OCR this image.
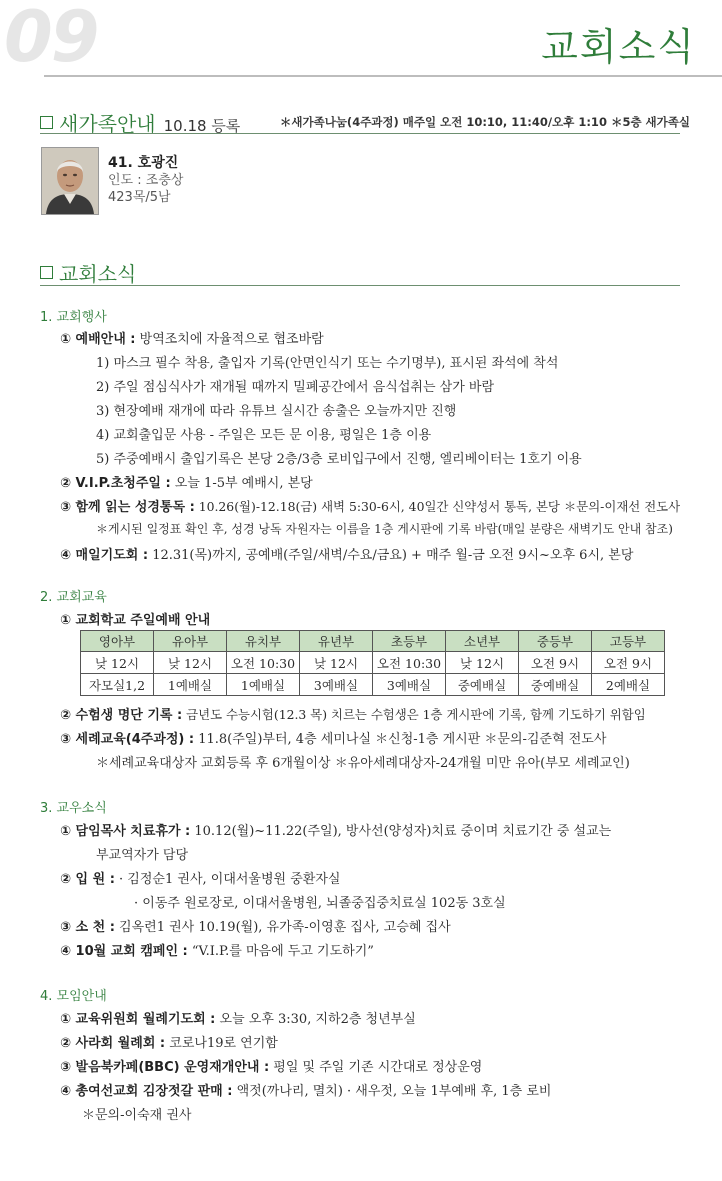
09	교회소식
새가족안내 10.18 등록	＊새가족나눔(4주과정) 매주일 오전 10:10, 11:40/오후 1:10 ＊5층 새가족실
41. 호광진
인도 : 조충상
423목/5남
교회소식
1. 교회행사
① 예배안내 : 방역조치에 자율적으로 협조바람
1) 마스크 필수 착용, 출입자 기록(안면인식기 또는 수기명부), 표시된 좌석에 착석
2) 주일 점심식사가 재개될 때까지 밀폐공간에서 음식섭취는 삼가 바람
3) 현장예배 재개에 따라 유튜브 실시간 송출은 오늘까지만 진행
4) 교회출입문 사용 - 주일은 모든 문 이용, 평일은 1층 이용
5) 주중예배시 출입기록은 본당 2층/3층 로비입구에서 진행, 엘리베이터는 1호기 이용
② V.I.P.초청주일 : 오늘 1-5부 예배시, 본당
③ 함께 읽는 성경통독 : 10.26(월)-12.18(금) 새벽 5:30-6시, 40일간 신약성서 통독, 본당 ＊문의-이재선 전도사
＊게시된 일정표 확인 후, 성경 낭독 자원자는 이름을 1층 게시판에 기록 바람(매일 분량은 새벽기도 안내 참조)
④ 매일기도회 : 12.31(목)까지, 공예배(주일/새벽/수요/금요) + 매주 월-금 오전 9시~오후 6시, 본당
2. 교회교육
① 교회학교 주일예배 안내
영아부	유아부	유치부	유년부	초등부	소년부	중등부	고등부
낮 12시	낮 12시	오전 10:30	낮 12시	오전 10:30	낮 12시	오전 9시	오전 9시
자모실1,2	1예배실	1예배실	3예배실	3예배실	중예배실	중예배실	2예배실
② 수험생 명단 기록 : 금년도 수능시험(12.3 목) 치르는 수험생은 1층 게시판에 기록, 함께 기도하기 위함임
③ 세례교육(4주과정) : 11.8(주일)부터, 4층 세미나실 ＊신청-1층 게시판 ＊문의-김준혁 전도사
＊세례교육대상자 교회등록 후 6개월이상 ＊유아세례대상자-24개월 미만 유아(부모 세례교인)
3. 교우소식
① 담임목사 치료휴가 : 10.12(월)~11.22(주일), 방사선(양성자)치료 중이며 치료기간 중 설교는
부교역자가 담당
② 입 원 : · 김정순1 권사, 이대서울병원 중환자실
· 이동주 원로장로, 이대서울병원, 뇌졸중집중치료실 102동 3호실
③ 소 천 : 김옥련1 권사 10.19(월), 유가족-이영훈 집사, 고승혜 집사
④ 10월 교회 캠페인 : “V.I.P.를 마음에 두고 기도하기”
4. 모임안내
① 교육위원회 월례기도회 : 오늘 오후 3:30, 지하2층 청년부실
② 사라회 월례회 : 코로나19로 연기함
③ 발음북카페(BBC) 운영재개안내 : 평일 및 주일 기존 시간대로 정상운영
④ 총여선교회 김장젓갈 판매 : 액젓(까나리, 멸치) · 새우젓, 오늘 1부예배 후, 1층 로비
＊문의-이숙재 권사
